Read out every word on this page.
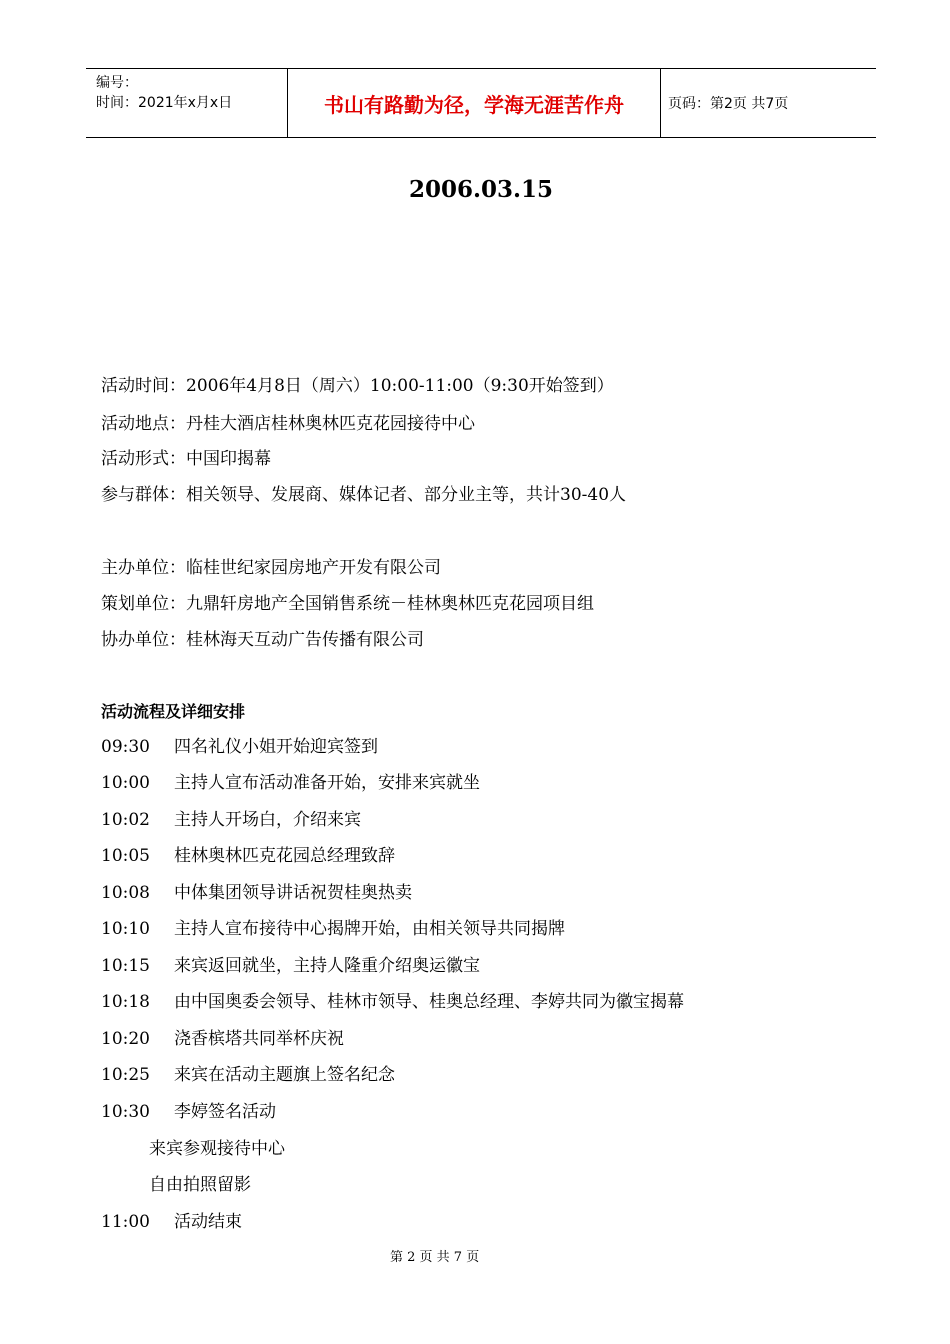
编号：
时间：2021年x月x日	书山有路勤为径，学海无涯苦作舟	页码：第2页 共7页
2006.03.15
活动时间：2006年4月8日（周六）10:00-11:00（9:30开始签到）
活动地点：丹桂大酒店桂林奥林匹克花园接待中心
活动形式：中国印揭幕
参与群体：相关领导、发展商、媒体记者、部分业主等，共计30-40人
主办单位：临桂世纪家园房地产开发有限公司
策划单位：九鼎轩房地产全国销售系统－桂林奥林匹克花园项目组
协办单位：桂林海天互动广告传播有限公司
活动流程及详细安排
09:30 四名礼仪小姐开始迎宾签到
10:00 主持人宣布活动准备开始，安排来宾就坐
10:02 主持人开场白，介绍来宾
10:05 桂林奥林匹克花园总经理致辞
10:08 中体集团领导讲话祝贺桂奥热卖
10:10 主持人宣布接待中心揭牌开始，由相关领导共同揭牌
10:15 来宾返回就坐，主持人隆重介绍奥运徽宝
10:18 由中国奥委会领导、桂林市领导、桂奥总经理、李婷共同为徽宝揭幕
10:20 浇香槟塔共同举杯庆祝
10:25 来宾在活动主题旗上签名纪念
10:30 李婷签名活动
来宾参观接待中心
自由拍照留影
11:00 活动结束
第 2 页 共 7 页
